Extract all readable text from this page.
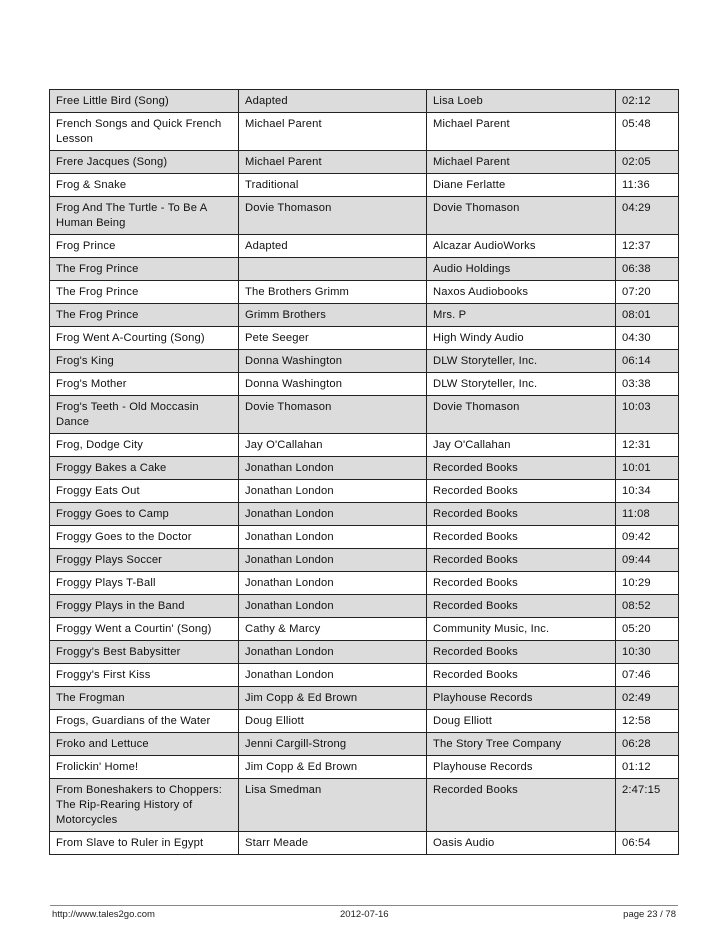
Free Little Bird (Song)	Adapted	Lisa Loeb	02:12
French Songs and Quick French Lesson	Michael Parent	Michael Parent	05:48
Frere Jacques (Song)	Michael Parent	Michael Parent	02:05
Frog & Snake	Traditional	Diane Ferlatte	11:36
Frog And The Turtle - To Be A Human Being	Dovie Thomason	Dovie Thomason	04:29
Frog Prince	Adapted	Alcazar AudioWorks	12:37
The Frog Prince		Audio Holdings	06:38
The Frog Prince	The Brothers Grimm	Naxos Audiobooks	07:20
The Frog Prince	Grimm Brothers	Mrs. P	08:01
Frog Went A-Courting (Song)	Pete Seeger	High Windy Audio	04:30
Frog's King	Donna Washington	DLW Storyteller, Inc.	06:14
Frog's Mother	Donna Washington	DLW Storyteller, Inc.	03:38
Frog's Teeth - Old Moccasin Dance	Dovie Thomason	Dovie Thomason	10:03
Frog, Dodge City	Jay O'Callahan	Jay O'Callahan	12:31
Froggy Bakes a Cake	Jonathan London	Recorded Books	10:01
Froggy Eats Out	Jonathan London	Recorded Books	10:34
Froggy Goes to Camp	Jonathan London	Recorded Books	11:08
Froggy Goes to the Doctor	Jonathan London	Recorded Books	09:42
Froggy Plays Soccer	Jonathan London	Recorded Books	09:44
Froggy Plays T-Ball	Jonathan London	Recorded Books	10:29
Froggy Plays in the Band	Jonathan London	Recorded Books	08:52
Froggy Went a Courtin' (Song)	Cathy & Marcy	Community Music, Inc.	05:20
Froggy's Best Babysitter	Jonathan London	Recorded Books	10:30
Froggy's First Kiss	Jonathan London	Recorded Books	07:46
The Frogman	Jim Copp & Ed Brown	Playhouse Records	02:49
Frogs, Guardians of the Water	Doug Elliott	Doug Elliott	12:58
Froko and Lettuce	Jenni Cargill-Strong	The Story Tree Company	06:28
Frolickin' Home!	Jim Copp & Ed Brown	Playhouse Records	01:12
From Boneshakers to Choppers: The Rip-Rearing History of Motorcycles	Lisa Smedman	Recorded Books	2:47:15
From Slave to Ruler in Egypt	Starr Meade	Oasis Audio	06:54
http://www.tales2go.com	2012-07-16	page 23 / 78
